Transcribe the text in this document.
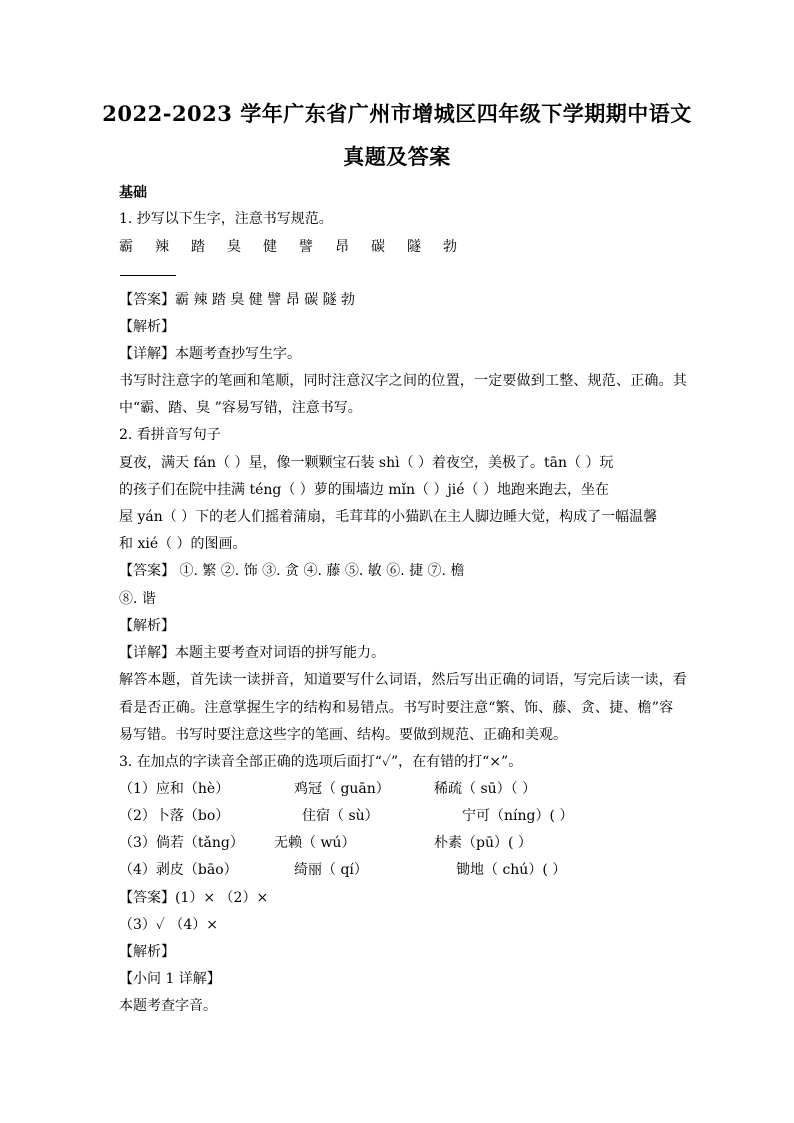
2022-2023 学年广东省广州市增城区四年级下学期期中语文
真题及答案
基础
1. 抄写以下生字，注意书写规范。
霸 辣 踏 臭 健 譬 昂 碳 隧 勃
【答案】霸 辣 踏 臭 健 譬 昂 碳 隧 勃
【解析】
【详解】本题考查抄写生字。
书写时注意字的笔画和笔顺，同时注意汉字之间的位置，一定要做到工整、规范、正确。其
中“霸、踏、臭 ”容易写错，注意书写。
2. 看拼音写句子
夏夜，满天 fán（ ）星，像一颗颗宝石装 shì（ ）着夜空，美极了。tān（ ）玩
的孩子们在院中挂满 téng（ ）萝的围墙边 mǐn（ ）jié（ ）地跑来跑去，坐在
屋 yán（ ）下的老人们摇着蒲扇，毛茸茸的小猫趴在主人脚边睡大觉，构成了一幅温馨
和 xié（ ）的图画。
【答案】 ①. 繁 ②. 饰 ③. 贪 ④. 藤 ⑤. 敏 ⑥. 捷 ⑦. 檐
⑧. 谐
【解析】
【详解】本题主要考查对词语的拼写能力。
解答本题，首先读一读拼音，知道要写什么词语，然后写出正确的词语，写完后读一读，看
看是否正确。注意掌握生字的结构和易错点。书写时要注意“繁、饰、藤、贪、捷、檐”容
易写错。书写时要注意这些字的笔画、结构。要做到规范、正确和美观。
3. 在加点的字读音全部正确的选项后面打“✓”，在有错的打“×”。
（1）应和（hè）	鸡冠（ guān）	稀疏（ sū）（ ）
（2）卜落（bo）	住宿（ sù）	宁可（níng）( ）
（3）倘若（tǎng） 无赖（ wú）	朴素（pū）( ）
（4）剥皮（bāo）	绮丽（ qí）	锄地（ chú）( ）
【答案】(1）× （2）×
（3）✓ （4）×
【解析】
【小问 1 详解】
本题考查字音。
